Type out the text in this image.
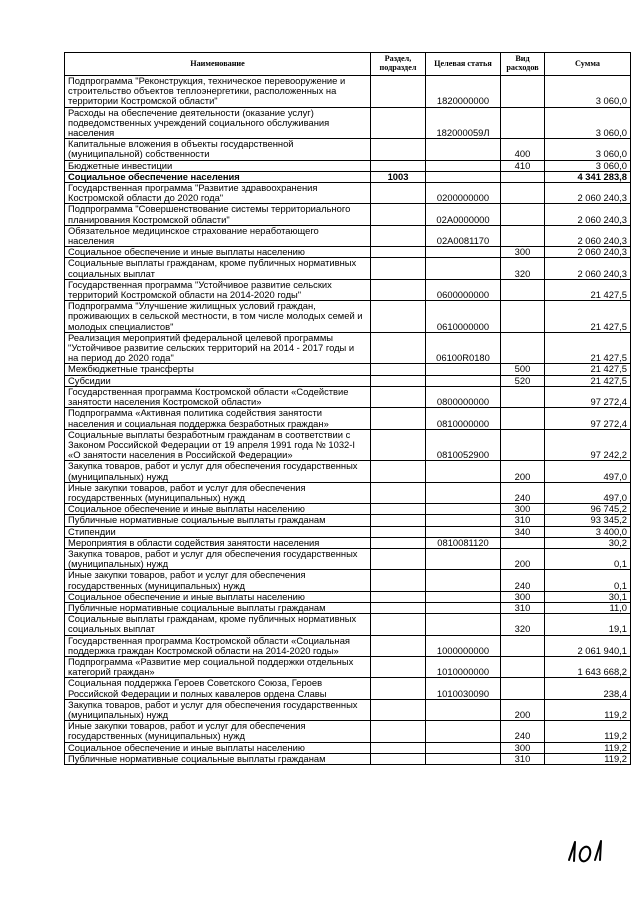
Наименование	Раздел, подраздел	Целевая статья	Вид расходов	Сумма
Подпрограмма "Реконструкция, техническое перевооружение и строительство объектов теплоэнергетики, расположенных на территории Костромской области"		1820000000		3 060,0
Расходы на обеспечение деятельности (оказание услуг) подведомственных учреждений социального обслуживания населения		182000059Л		3 060,0
Капитальные вложения в объекты государственной (муниципальной) собственности			400	3 060,0
Бюджетные инвестиции			410	3 060,0
Социальное обеспечение населения	1003			4 341 283,8
Государственная программа "Развитие здравоохранения Костромской области до 2020 года"		0200000000		2 060 240,3
Подпрограмма "Совершенствование системы территориального планирования Костромской области"		02А0000000		2 060 240,3
Обязательное медицинское страхование неработающего населения		02А0081170		2 060 240,3
Социальное обеспечение и иные выплаты населению			300	2 060 240,3
Социальные выплаты гражданам, кроме публичных нормативных социальных выплат			320	2 060 240,3
Государственная программа "Устойчивое развитие сельских территорий Костромской области на 2014-2020 годы"		0600000000		21 427,5
Подпрограмма "Улучшение жилищных условий граждан, проживающих в сельской местности, в том числе молодых семей и молодых специалистов"		0610000000		21 427,5
Реализация мероприятий федеральной целевой программы "Устойчивое развитие сельских территорий на 2014 - 2017 годы и на период до 2020 года"		06100R0180		21 427,5
Межбюджетные трансферты			500	21 427,5
Субсидии			520	21 427,5
Государственная программа Костромской области «Содействие занятости населения Костромской области»		0800000000		97 272,4
Подпрограмма «Активная политика содействия занятости населения и социальная поддержка безработных граждан»		0810000000		97 272,4
Социальные выплаты безработным гражданам в соответствии с Законом Российской Федерации от 19 апреля 1991 года № 1032-I «О занятости населения в Российской Федерации»		0810052900		97 242,2
Закупка товаров, работ и услуг для обеспечения государственных (муниципальных) нужд			200	497,0
Иные закупки товаров, работ и услуг для обеспечения государственных (муниципальных) нужд			240	497,0
Социальное обеспечение и иные выплаты населению			300	96 745,2
Публичные нормативные социальные выплаты гражданам			310	93 345,2
Стипендии			340	3 400,0
Мероприятия в области содействия занятости населения		0810081120		30,2
Закупка товаров, работ и услуг для обеспечения государственных (муниципальных) нужд			200	0,1
Иные закупки товаров, работ и услуг для обеспечения государственных (муниципальных) нужд			240	0,1
Социальное обеспечение и иные выплаты населению			300	30,1
Публичные нормативные социальные выплаты гражданам			310	11,0
Социальные выплаты гражданам, кроме публичных нормативных социальных выплат			320	19,1
Государственная программа Костромской области «Социальная поддержка граждан Костромской области на 2014-2020 годы»		1000000000		2 061 940,1
Подпрограмма «Развитие мер социальной поддержки отдельных категорий граждан»		1010000000		1 643 668,2
Социальная поддержка Героев Советского Союза, Героев Российской Федерации и полных кавалеров ордена Славы		1010030090		238,4
Закупка товаров, работ и услуг для обеспечения государственных (муниципальных) нужд			200	119,2
Иные закупки товаров, работ и услуг для обеспечения государственных (муниципальных) нужд			240	119,2
Социальное обеспечение и иные выплаты населению			300	119,2
Публичные нормативные социальные выплаты гражданам			310	119,2
